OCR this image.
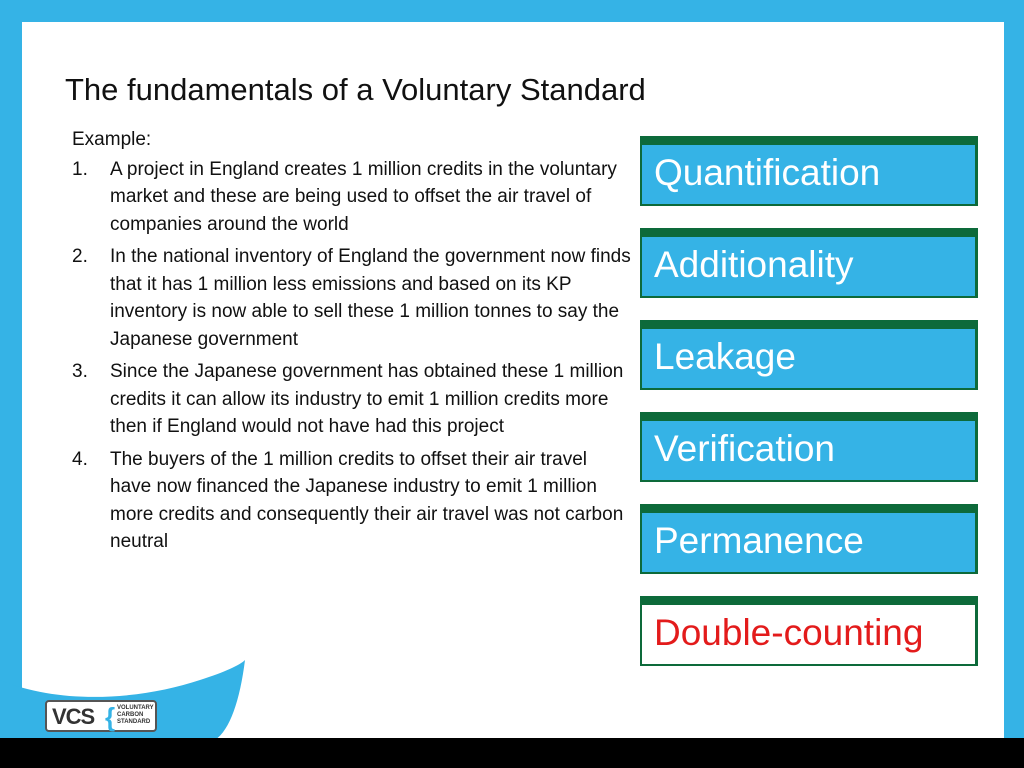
The fundamentals of a Voluntary Standard
Example:
1. A project in England creates 1 million credits in the voluntary market and these are being used to offset the air travel of companies around the world
2. In the national inventory of England the government now finds that it has 1 million less emissions and based on its KP inventory is now able to sell these 1 million tonnes to say the Japanese government
3. Since the Japanese government has obtained these 1 million credits it can allow its industry to emit 1 million credits more then if England would not have had this project
4. The buyers of the 1 million credits to offset their air travel have now financed the Japanese industry to emit 1 million more credits and consequently their air travel was not carbon neutral
Quantification
Additionality
Leakage
Verification
Permanence
Double-counting
VCS { VOLUNTARY
CARBON
STANDARD
